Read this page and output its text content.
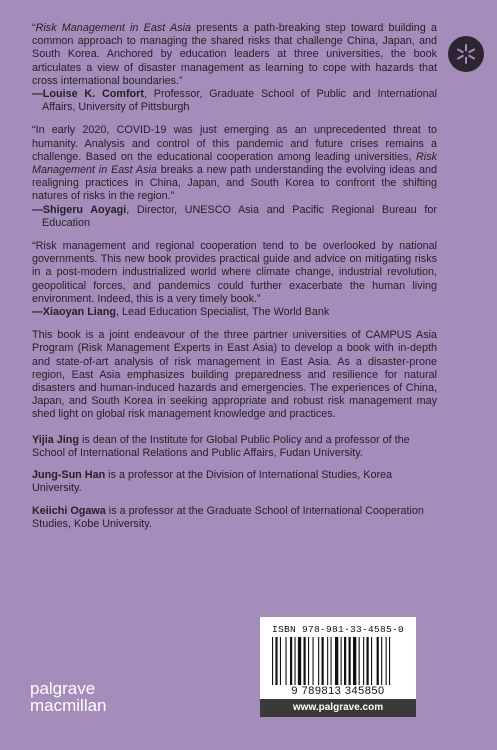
“Risk Management in East Asia presents a path-breaking step toward building a common approach to managing the shared risks that challenge China, Japan, and South Korea. Anchored by education leaders at three universities, the book articulates a view of disaster management as learning to cope with hazards that cross international boundaries.”

—Louise K. Comfort, Professor, Graduate School of Public and International Affairs, University of Pittsburgh

“In early 2020, COVID-19 was just emerging as an unprecedented threat to humanity. Analysis and control of this pandemic and future crises remains a challenge. Based on the educational cooperation among leading universities, Risk Management in East Asia breaks a new path understanding the evolving ideas and realigning practices in China, Japan, and South Korea to confront the shifting natures of risks in the region.”

—Shigeru Aoyagi, Director, UNESCO Asia and Pacific Regional Bureau for Education

“Risk management and regional cooperation tend to be overlooked by national governments. This new book provides practical guide and advice on mitigating risks in a post-modern industrialized world where climate change, industrial revolution, geopolitical forces, and pandemics could further exacerbate the human living environment. Indeed, this is a very timely book.”

—Xiaoyan Liang, Lead Education Specialist, The World Bank

This book is a joint endeavour of the three partner universities of CAMPUS Asia Program (Risk Management Experts in East Asia) to develop a book with in-depth and state-of-art analysis of risk management in East Asia. As a disaster-prone region, East Asia emphasizes building preparedness and resilience for natural disasters and human-induced hazards and emergencies. The experiences of China, Japan, and South Korea in seeking appropriate and robust risk management may shed light on global risk management knowledge and practices.

Yijia Jing is dean of the Institute for Global Public Policy and a professor of the School of International Relations and Public Affairs, Fudan University.

Jung-Sun Han is a professor at the Division of International Studies, Korea University.

Keiichi Ogawa is a professor at the Graduate School of International Cooperation Studies, Kobe University.

ISBN 978-981-33-4585-0
9 789813 345850
www.palgrave.com
palgrave
macmillan
